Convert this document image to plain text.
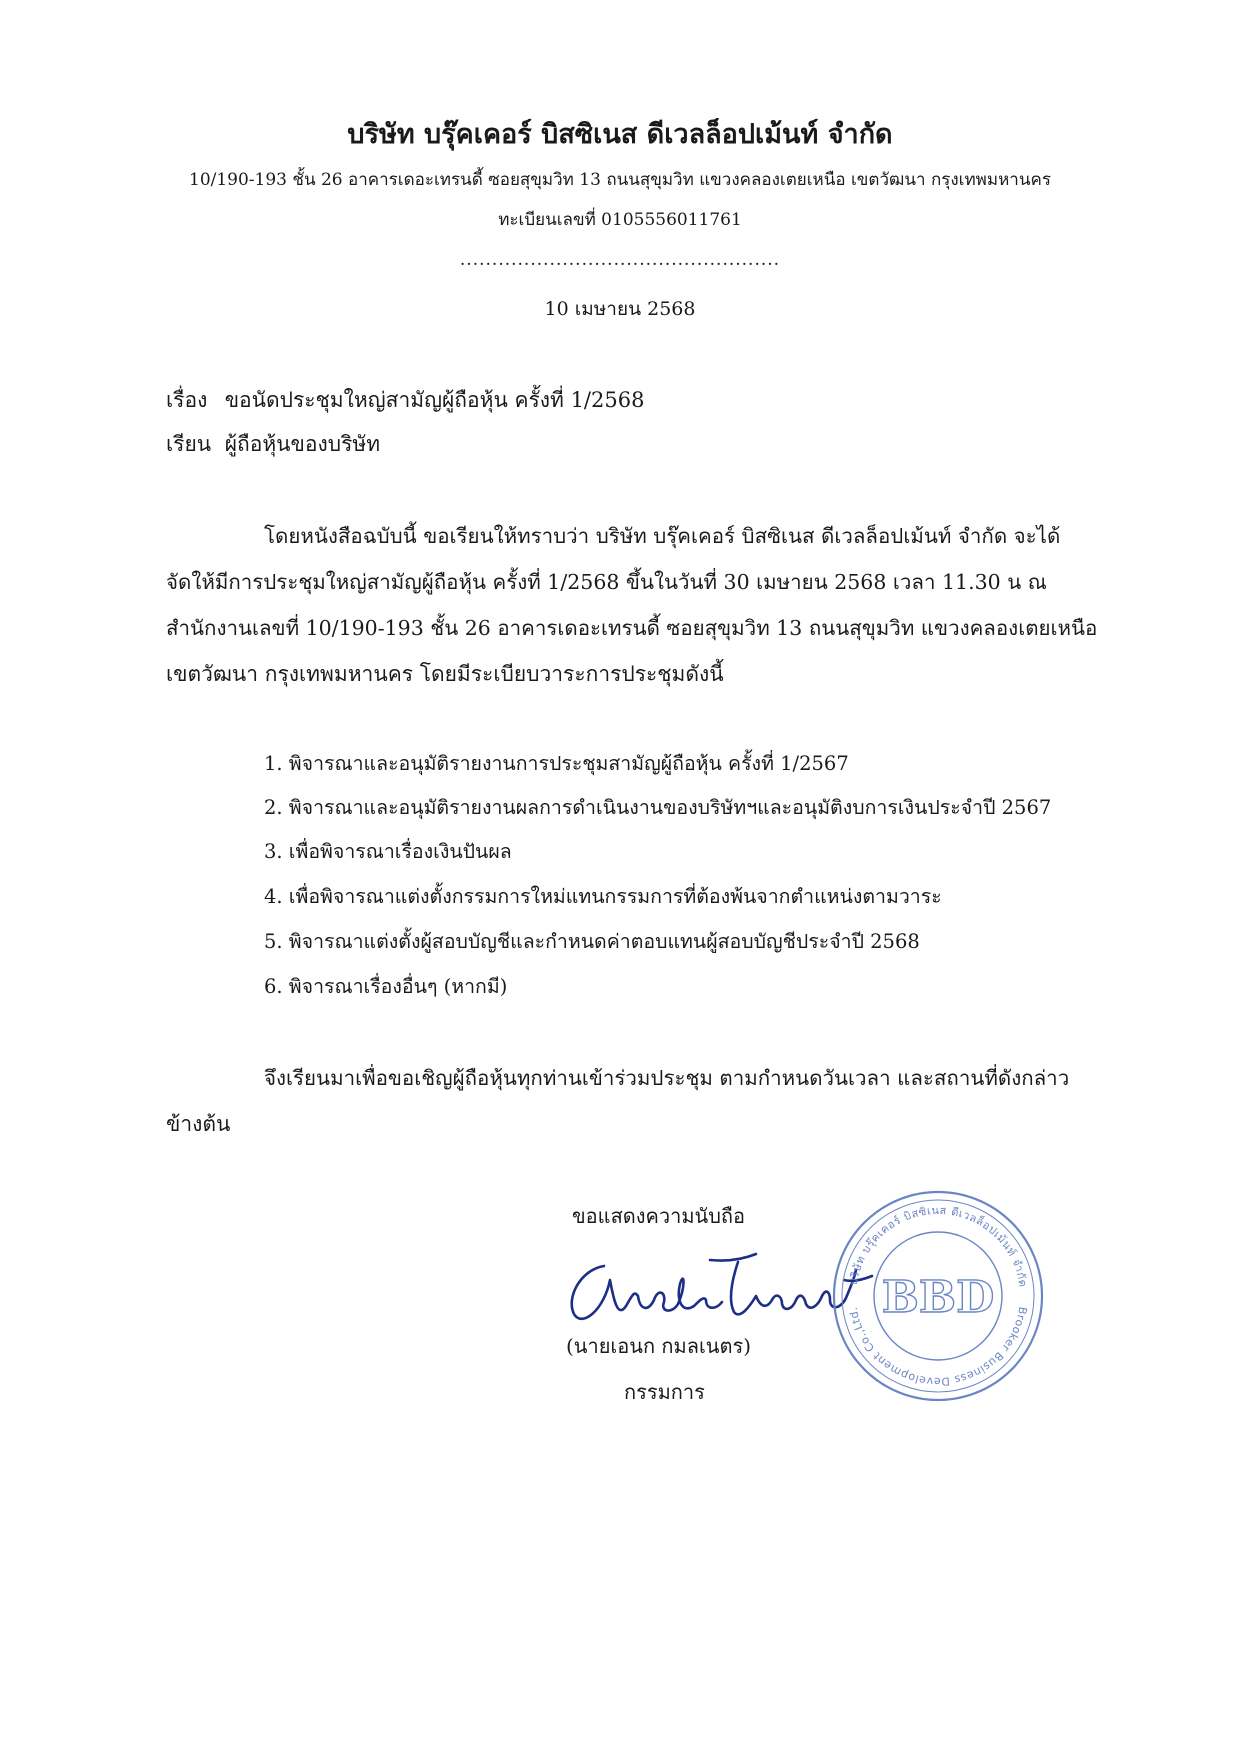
บริษัท บรุ๊คเคอร์ บิสซิเนส ดีเวลล็อปเม้นท์ จำกัด
10/190-193 ชั้น 26 อาคารเดอะเทรนดี้ ซอยสุขุมวิท 13 ถนนสุขุมวิท แขวงคลองเตยเหนือ เขตวัฒนา กรุงเทพมหานคร
ทะเบียนเลขที่ 0105556011761
..................................................
10 เมษายน 2568
เรื่อง ขอนัดประชุมใหญ่สามัญผู้ถือหุ้น ครั้งที่ 1/2568
เรียน ผู้ถือหุ้นของบริษัท
โดยหนังสือฉบับนี้ ขอเรียนให้ทราบว่า บริษัท บรุ๊คเคอร์ บิสซิเนส ดีเวลล็อปเม้นท์ จำกัด จะได้
จัดให้มีการประชุมใหญ่สามัญผู้ถือหุ้น ครั้งที่ 1/2568 ขึ้นในวันที่ 30 เมษายน 2568 เวลา 11.30 น ณ
สำนักงานเลขที่ 10/190-193 ชั้น 26 อาคารเดอะเทรนดี้ ซอยสุขุมวิท 13 ถนนสุขุมวิท แขวงคลองเตยเหนือ
เขตวัฒนา กรุงเทพมหานคร โดยมีระเบียบวาระการประชุมดังนี้
1. พิจารณาและอนุมัติรายงานการประชุมสามัญผู้ถือหุ้น ครั้งที่ 1/2567
2. พิจารณาและอนุมัติรายงานผลการดำเนินงานของบริษัทฯและอนุมัติงบการเงินประจำปี 2567
3. เพื่อพิจารณาเรื่องเงินปันผล
4. เพื่อพิจารณาแต่งตั้งกรรมการใหม่แทนกรรมการที่ต้องพ้นจากตำแหน่งตามวาระ
5. พิจารณาแต่งตั้งผู้สอบบัญชีและกำหนดค่าตอบแทนผู้สอบบัญชีประจำปี 2568
6. พิจารณาเรื่องอื่นๆ (หากมี)
จึงเรียนมาเพื่อขอเชิญผู้ถือหุ้นทุกท่านเข้าร่วมประชุม ตามกำหนดวันเวลา และสถานที่ดังกล่าว
ข้างต้น
ขอแสดงความนับถือ
บริษัท บรุ๊คเคอร์ บิสซิเนส ดีเวลล็อปเม้นท์ จำกัด
Brooker Business Development Co.,Ltd. BBD
(นายเอนก กมลเนตร)
กรรมการ
